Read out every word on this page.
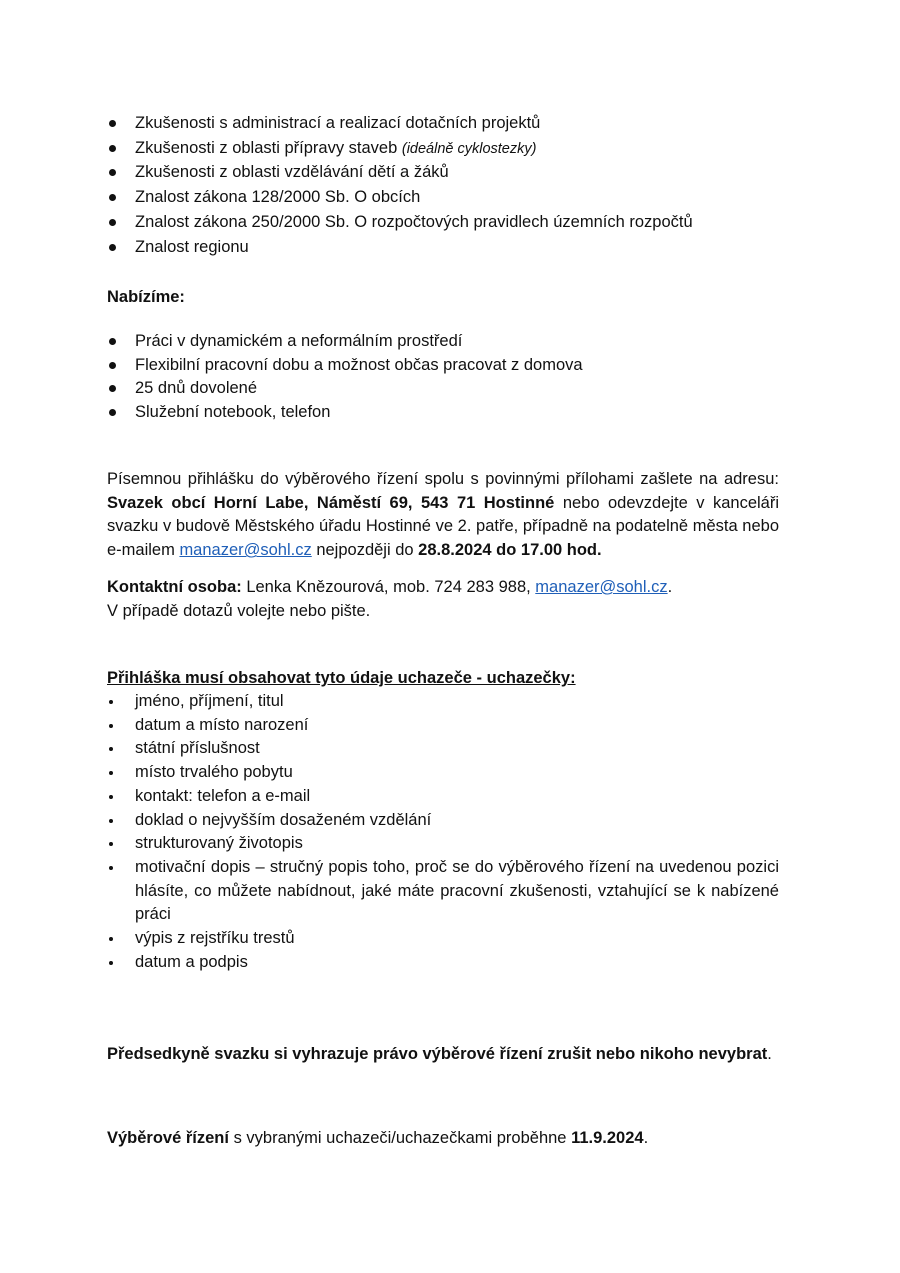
Zkušenosti s administrací a realizací dotačních projektů
Zkušenosti z oblasti přípravy staveb (ideálně cyklostezky)
Zkušenosti z oblasti vzdělávání dětí a žáků
Znalost zákona 128/2000 Sb. O obcích
Znalost zákona 250/2000 Sb. O rozpočtových pravidlech územních rozpočtů
Znalost regionu
Nabízíme:
Práci v dynamickém a neformálním prostředí
Flexibilní pracovní dobu a možnost občas pracovat z domova
25 dnů dovolené
Služební notebook, telefon
Písemnou přihlášku do výběrového řízení spolu s povinnými přílohami zašlete na adresu: Svazek obcí Horní Labe, Náměstí 69, 543 71 Hostinné nebo odevzdejte v kanceláři svazku v budově Městského úřadu Hostinné ve 2. patře, případně na podatelně města nebo e-mailem manazer@sohl.cz nejpozději do 28.8.2024 do 17.00 hod.
Kontaktní osoba: Lenka Knězourová, mob. 724 283 988, manazer@sohl.cz.
V případě dotazů volejte nebo pište.
Přihláška musí obsahovat tyto údaje uchazeče - uchazečky:
jméno, příjmení, titul
datum a místo narození
státní příslušnost
místo trvalého pobytu
kontakt: telefon a e-mail
doklad o nejvyšším dosaženém vzdělání
strukturovaný životopis
motivační dopis – stručný popis toho, proč se do výběrového řízení na uvedenou pozici hlásíte, co můžete nabídnout, jaké máte pracovní zkušenosti, vztahující se k nabízené práci
výpis z rejstříku trestů
datum a podpis
Předsedkyně svazku si vyhrazuje právo výběrové řízení zrušit nebo nikoho nevybrat.
Výběrové řízení s vybranými uchazeči/uchazečkami proběhne 11.9.2024.
